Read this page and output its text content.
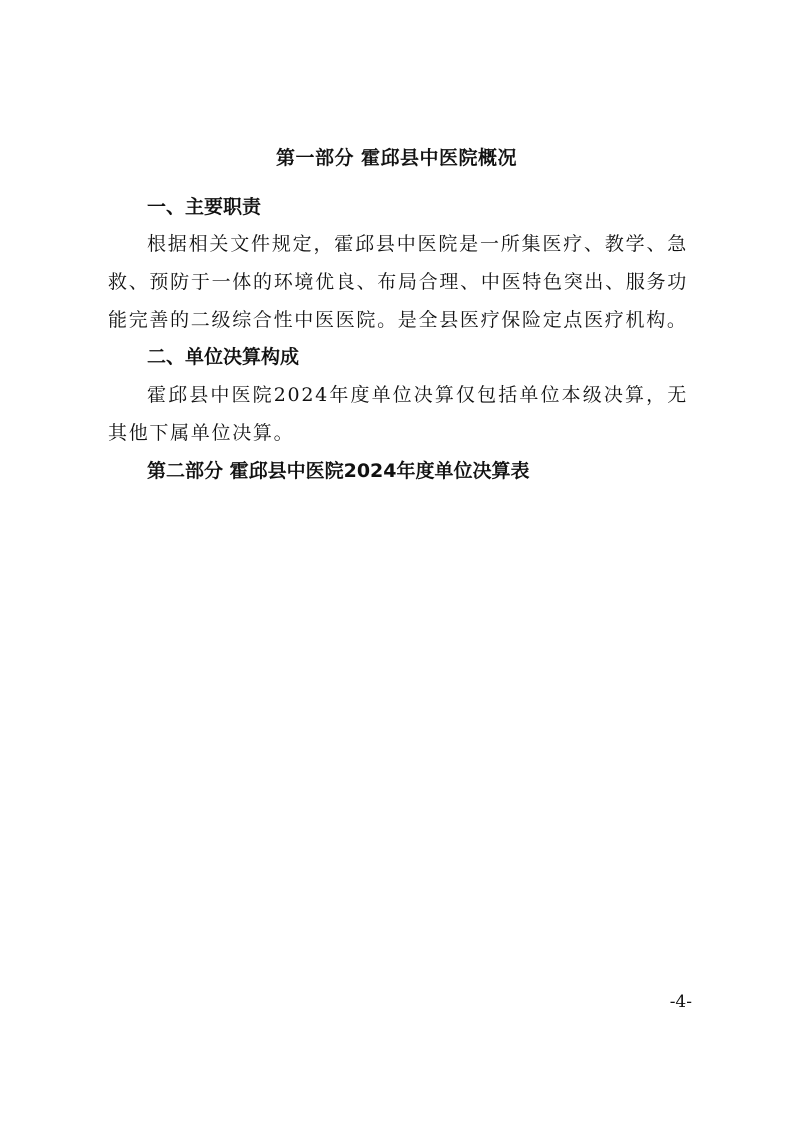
第一部分 霍邱县中医院概况
一、主要职责
根据相关文件规定，霍邱县中医院是一所集医疗、教学、急救、预防于一体的环境优良、布局合理、中医特色突出、服务功能完善的二级综合性中医医院。是全县医疗保险定点医疗机构。
二、单位决算构成
霍邱县中医院2024年度单位决算仅包括单位本级决算，无其他下属单位决算。
第二部分 霍邱县中医院2024年度单位决算表
-4-
